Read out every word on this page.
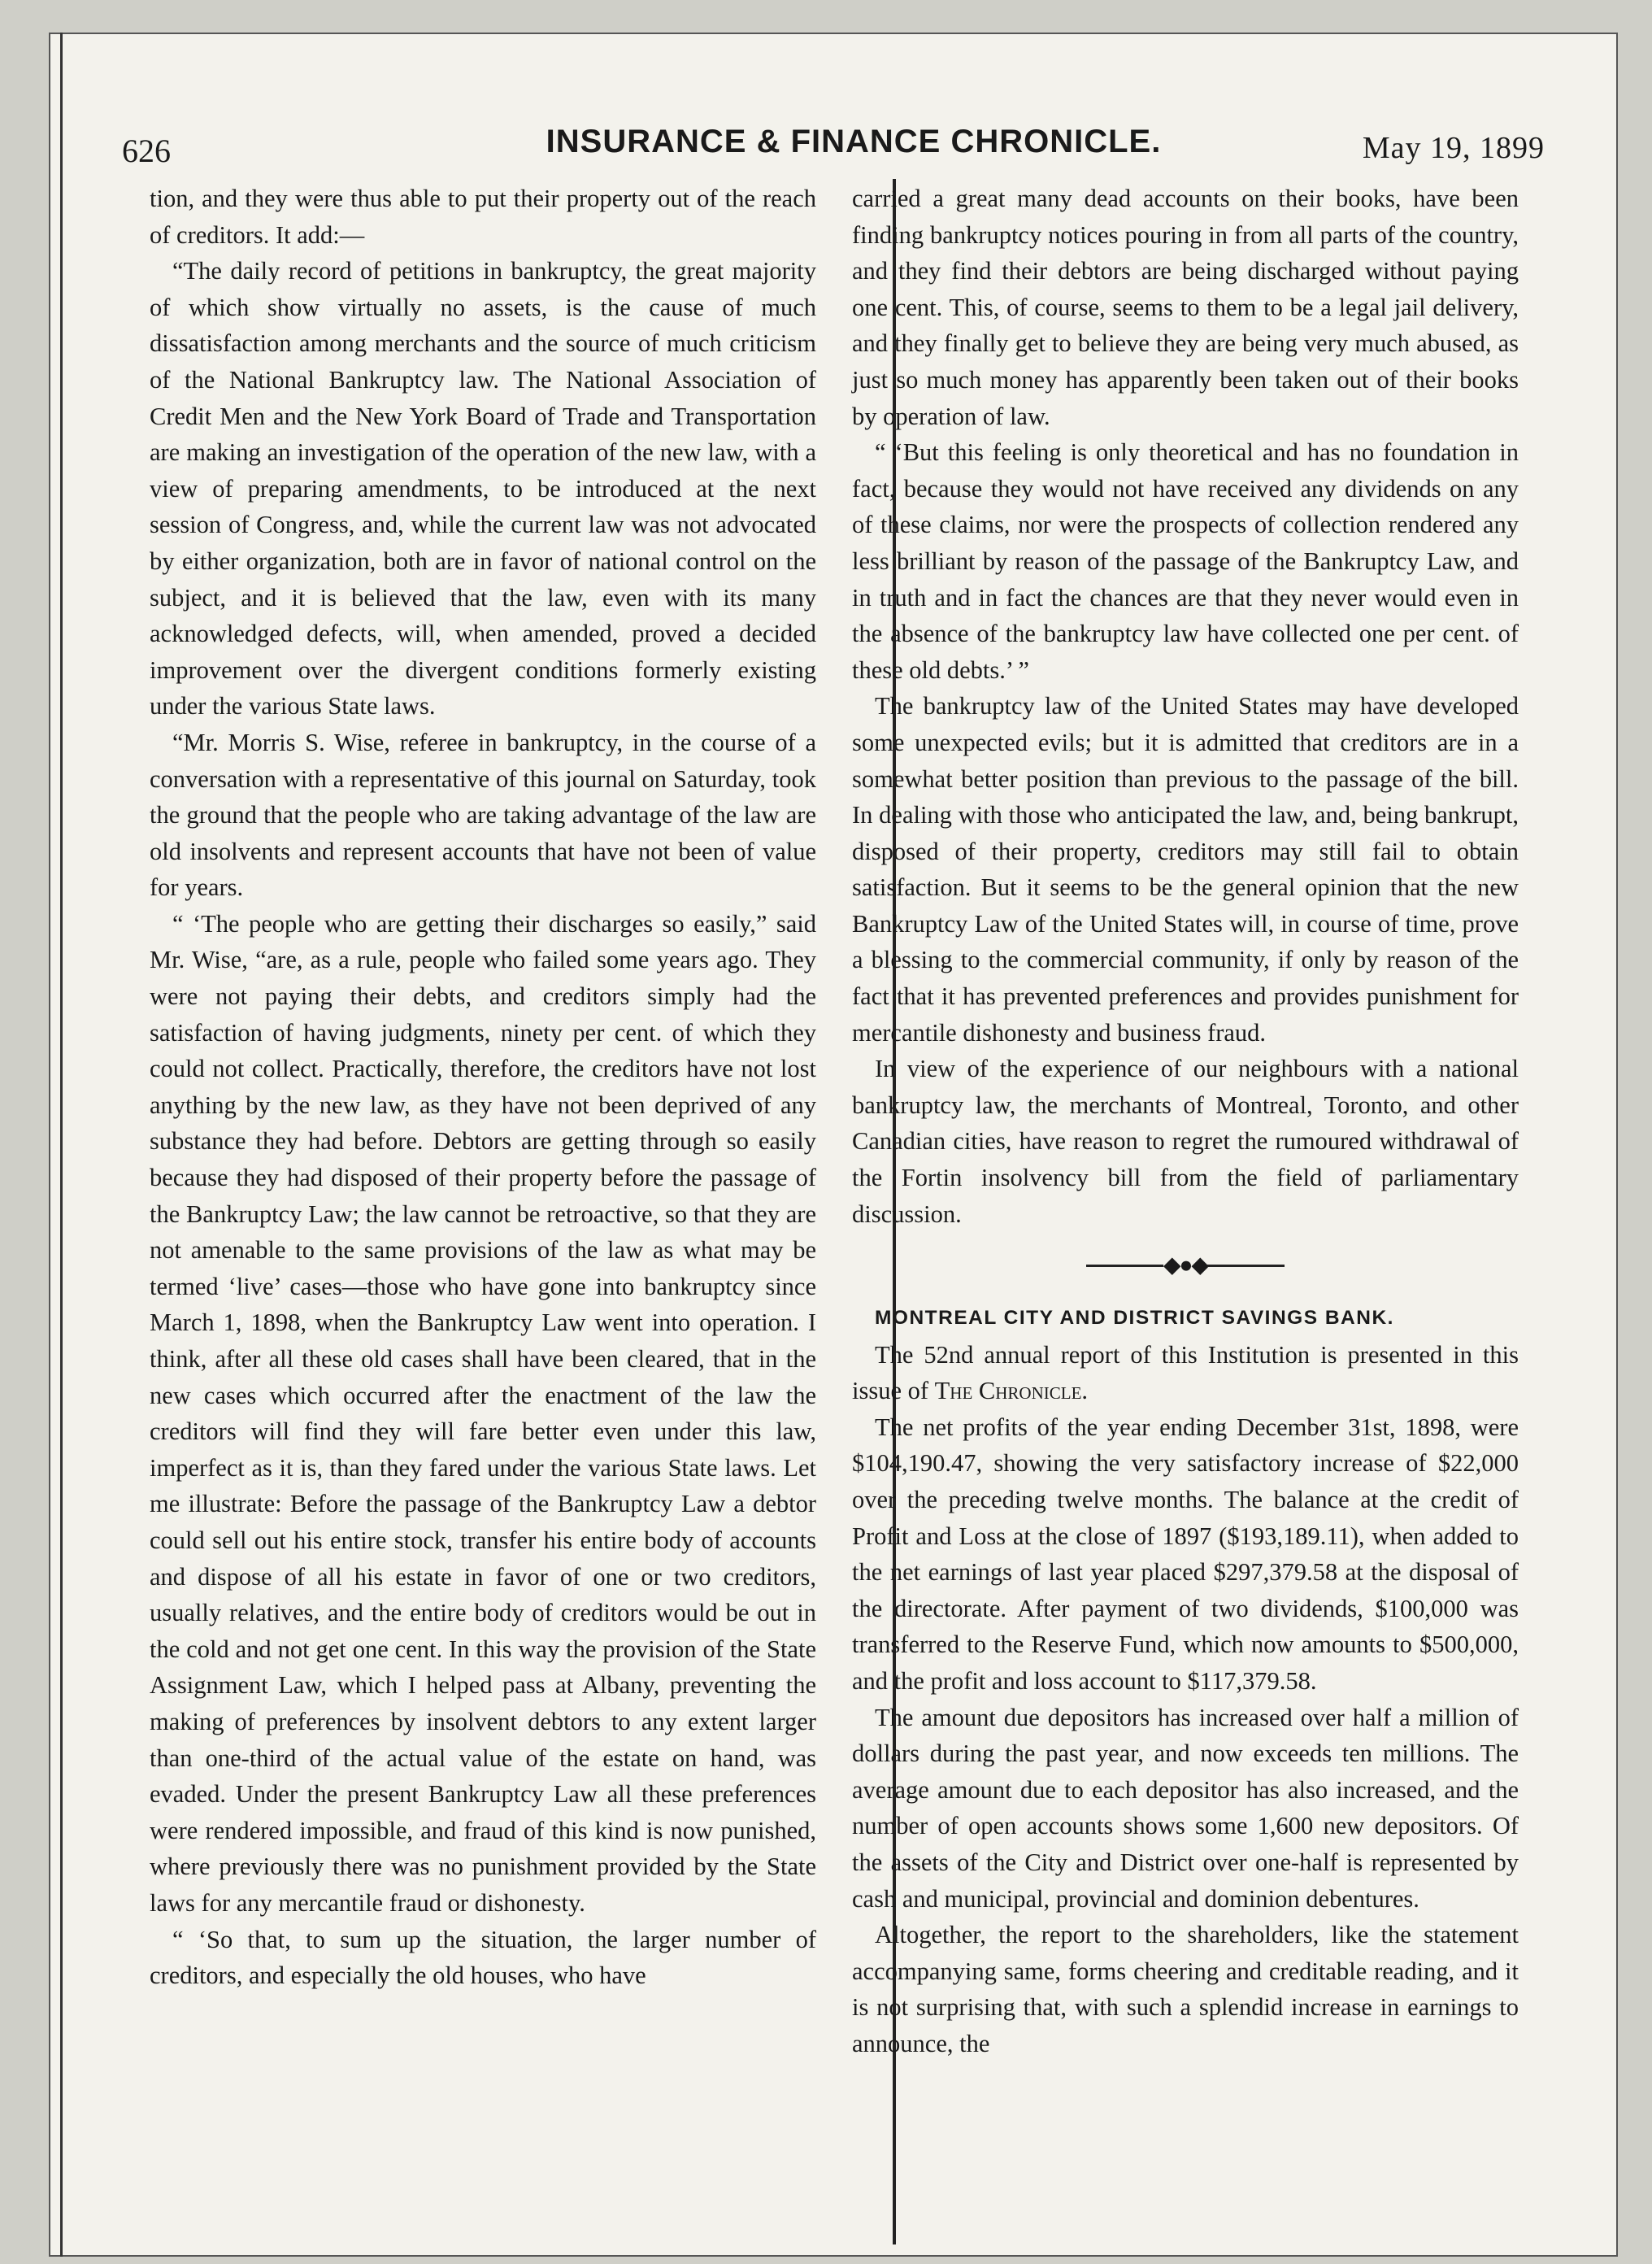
626	INSURANCE & FINANCE CHRONICLE.	May 19, 1899

tion, and they were thus able to put their property out of the reach of creditors. It add:—

“The daily record of petitions in bankruptcy, the great majority of which show virtually no assets, is the cause of much dissatisfaction among merchants and the source of much criticism of the National Bankruptcy law. The National Association of Credit Men and the New York Board of Trade and Transportation are making an investigation of the operation of the new law, with a view of preparing amendments, to be introduced at the next session of Congress, and, while the current law was not advocated by either organization, both are in favor of national control on the subject, and it is believed that the law, even with its many acknowledged defects, will, when amended, proved a decided improvement over the divergent conditions formerly existing under the various State laws.

“Mr. Morris S. Wise, referee in bankruptcy, in the course of a conversation with a representative of this journal on Saturday, took the ground that the people who are taking advantage of the law are old insolvents and represent accounts that have not been of value for years.

“ ‘The people who are getting their discharges so easily,” said Mr. Wise, “are, as a rule, people who failed some years ago. They were not paying their debts, and creditors simply had the satisfaction of having judgments, ninety per cent. of which they could not collect. Practically, therefore, the creditors have not lost anything by the new law, as they have not been deprived of any substance they had before. Debtors are getting through so easily because they had disposed of their property before the passage of the Bankruptcy Law; the law cannot be retroactive, so that they are not amenable to the same provisions of the law as what may be termed ‘live’ cases—those who have gone into bankruptcy since March 1, 1898, when the Bankruptcy Law went into operation. I think, after all these old cases shall have been cleared, that in the new cases which occurred after the enactment of the law the creditors will find they will fare better even under this law, imperfect as it is, than they fared under the various State laws. Let me illustrate: Before the passage of the Bankruptcy Law a debtor could sell out his entire stock, transfer his entire body of accounts and dispose of all his estate in favor of one or two creditors, usually relatives, and the entire body of creditors would be out in the cold and not get one cent. In this way the provision of the State Assignment Law, which I helped pass at Albany, preventing the making of preferences by insolvent debtors to any extent larger than one-third of the actual value of the estate on hand, was evaded. Under the present Bankruptcy Law all these preferences were rendered impossible, and fraud of this kind is now punished, where previously there was no punishment provided by the State laws for any mercantile fraud or dishonesty.

“ ‘So that, to sum up the situation, the larger number of creditors, and especially the old houses, who have

carried a great many dead accounts on their books, have been finding bankruptcy notices pouring in from all parts of the country, and they find their debtors are being discharged without paying one cent. This, of course, seems to them to be a legal jail delivery, and they finally get to believe they are being very much abused, as just so much money has apparently been taken out of their books by operation of law.

“ ‘But this feeling is only theoretical and has no foundation in fact, because they would not have received any dividends on any of these claims, nor were the prospects of collection rendered any less brilliant by reason of the passage of the Bankruptcy Law, and in truth and in fact the chances are that they never would even in the absence of the bankruptcy law have collected one per cent. of these old debts.’ ”

The bankruptcy law of the United States may have developed some unexpected evils; but it is admitted that creditors are in a somewhat better position than previous to the passage of the bill. In dealing with those who anticipated the law, and, being bankrupt, disposed of their property, creditors may still fail to obtain satisfaction. But it seems to be the general opinion that the new Bankruptcy Law of the United States will, in course of time, prove a blessing to the commercial community, if only by reason of the fact that it has prevented preferences and provides punishment for mercantile dishonesty and business fraud.

In view of the experience of our neighbours with a national bankruptcy law, the merchants of Montreal, Toronto, and other Canadian cities, have reason to regret the rumoured withdrawal of the Fortin insolvency bill from the field of parliamentary discussion.

◆●◆

MONTREAL CITY AND DISTRICT SAVINGS BANK.

The 52nd annual report of this Institution is presented in this issue of The Chronicle.

The net profits of the year ending December 31st, 1898, were $104,190.47, showing the very satisfactory increase of $22,000 over the preceding twelve months. The balance at the credit of Profit and Loss at the close of 1897 ($193,189.11), when added to the net earnings of last year placed $297,379.58 at the disposal of the directorate. After payment of two dividends, $100,000 was transferred to the Reserve Fund, which now amounts to $500,000, and the profit and loss account to $117,379.58.

The amount due depositors has increased over half a million of dollars during the past year, and now exceeds ten millions. The average amount due to each depositor has also increased, and the number of open accounts shows some 1,600 new depositors. Of the assets of the City and District over one-half is represented by cash and municipal, provincial and dominion debentures.

Altogether, the report to the shareholders, like the statement accompanying same, forms cheering and creditable reading, and it is not surprising that, with such a splendid increase in earnings to announce, the
